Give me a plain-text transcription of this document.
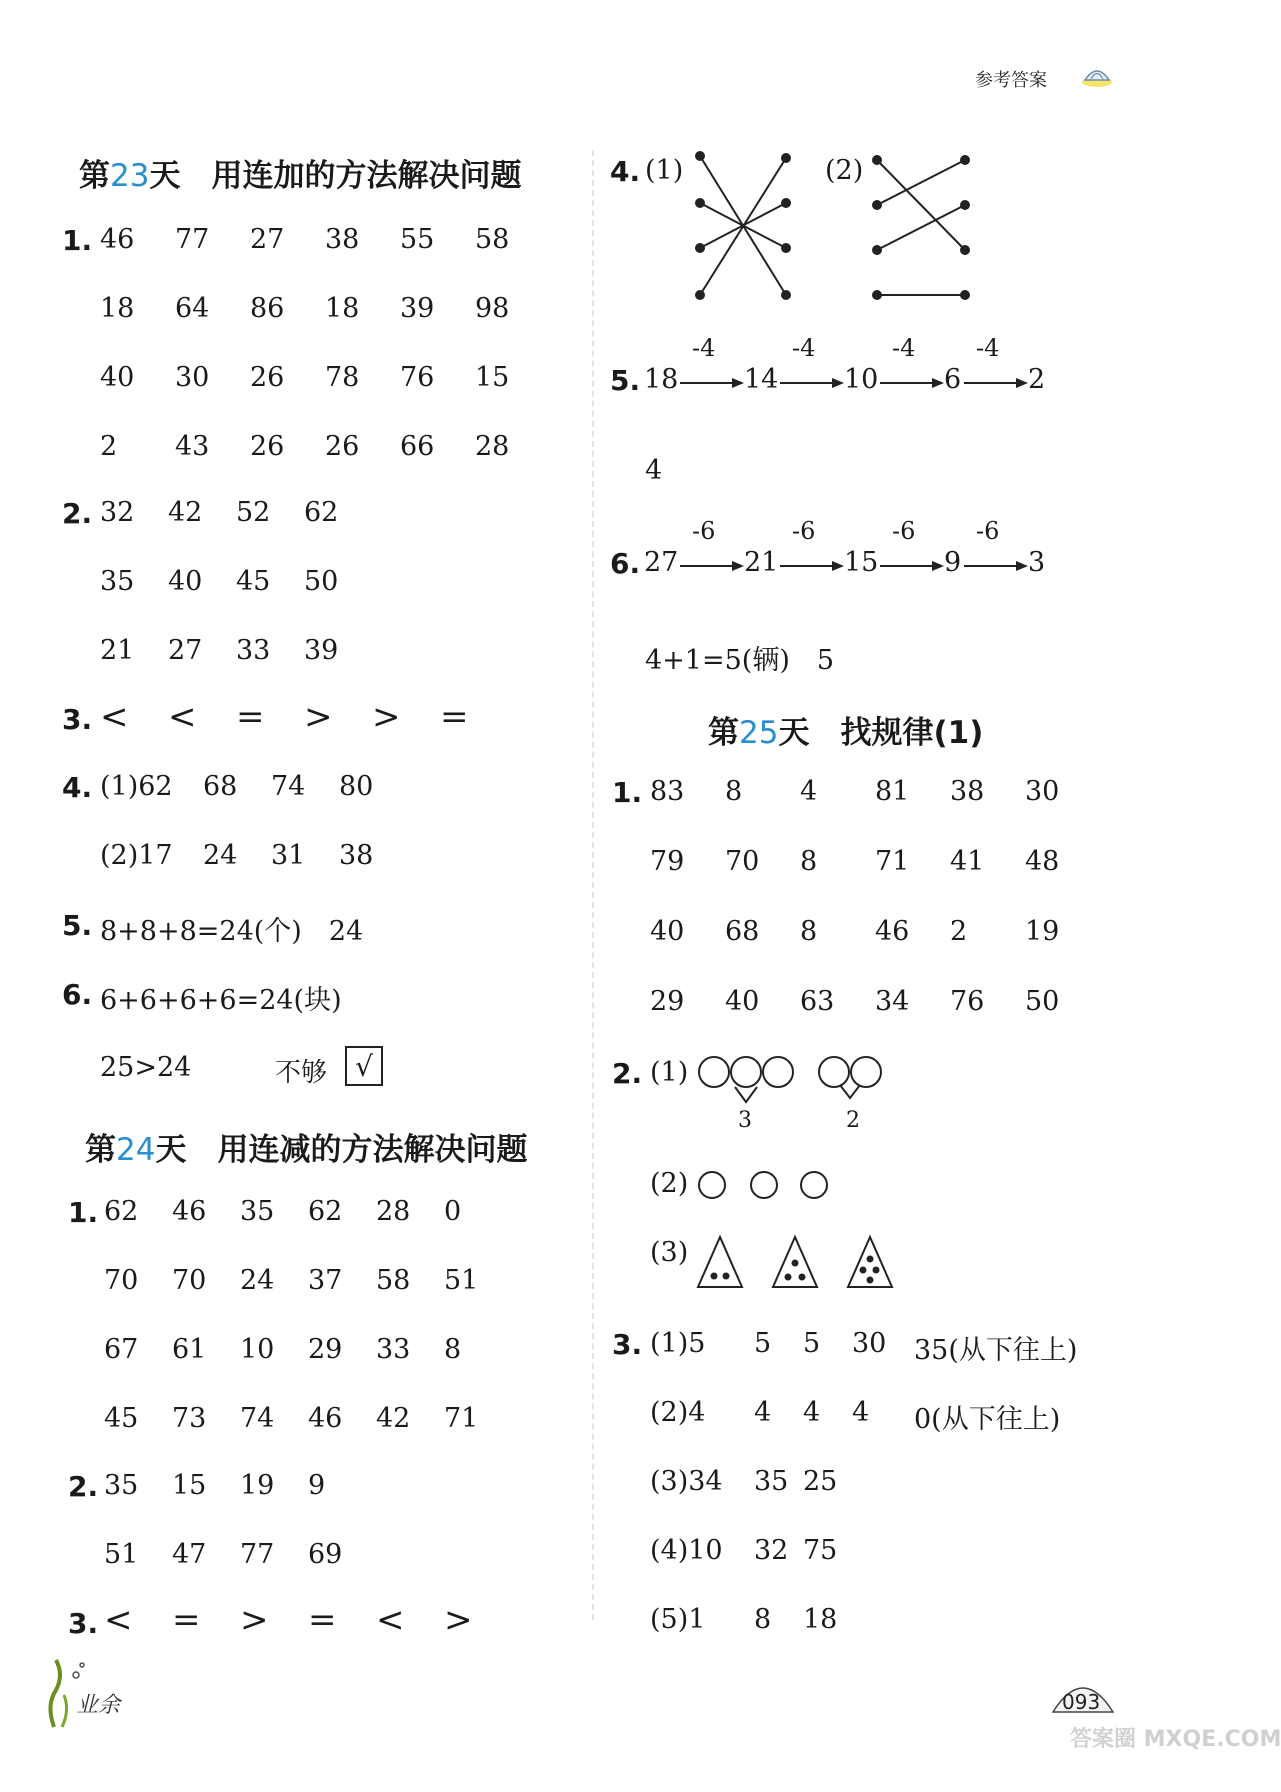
参考答案
第23天　 用连加的方法解决问题
1. 46 77 27 38 55 58
18 64 86 18 39 98
40 30 26 78 76 15
2 43 26 26 66 28
2. 32 42 52 62
35 40 45 50
21 27 33 39
3. < < = > > =
4. (1)62 68 74 80
(2)17 24 31 38
5. 8+8+8=24(个)　24
6. 6+6+6+6=24(块)
25>24	不够	√
第24天　 用连减的方法解决问题
1. 62 46 35 62 28 0
70 70 24 37 58 51
67 61 10 29 33 8
45 73 74 46 42 71
2. 35 15 19 9
51 47 77 69
3. < = > = < >
4. (1)	(2)
5. 18
-4
14
-4
10
-4
6
-4
2
4
6. 27
-6
21
-6
15
-6
9
-6
3
4+1=5(辆)　5
第25天　 找规律(1)
1. 83 8 4 81 38 30
79 70 8 71 41 48
40 68 8 46 2 19
29 40 63 34 76 50
2. (1)
3	2
(2)
(3)
3. (1)5 5 5 30 35(从下往上)
(2)4 4 4 4 0(从下往上)
(3)34 35 25
(4)10 32 75
(5)1 8 18
业余	093
答案圈 MXQE.COM
